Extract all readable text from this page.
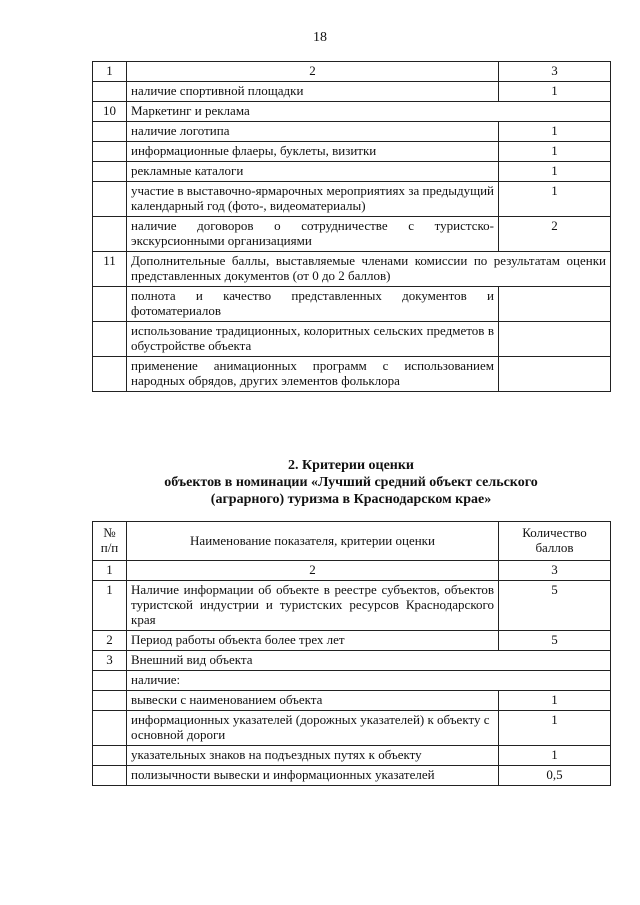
18
1	2	3
	наличие спортивной площадки	1
10	Маркетинг и реклама	
	наличие логотипа	1
	информационные флаеры, буклеты, визитки	1
	рекламные каталоги	1
	участие в выставочно-ярмарочных мероприятиях за предыдущий календарный год (фото-, видеоматериалы)	1
	наличие договоров о сотрудничестве с туристско-экскурсионными организациями	2
11	Дополнительные баллы, выставляемые членами комиссии по результатам оценки представленных документов (от 0 до 2 баллов)	
	полнота и качество представленных документов и фотоматериалов	
	использование традиционных, колоритных сельских предметов в обустройстве объекта	
	применение анимационных программ с использованием народных обрядов, других элементов фольклора	
2. Критерии оценки
объектов в номинации «Лучший средний объект сельского
(аграрного) туризма в Краснодарском крае»
№ п/п	Наименование показателя, критерии оценки	Количество баллов
1	2	3
1	Наличие информации об объекте в реестре субъектов, объектов туристской индустрии и туристских ресурсов Краснодарского края	5
2	Период работы объекта более трех лет	5
3	Внешний вид объекта	
	наличие:	
	вывески с наименованием объекта	1
	информационных указателей (дорожных указателей) к объекту с основной дороги	1
	указательных знаков на подъездных путях к объекту	1
	полизычности вывески и информационных указателей	0,5
